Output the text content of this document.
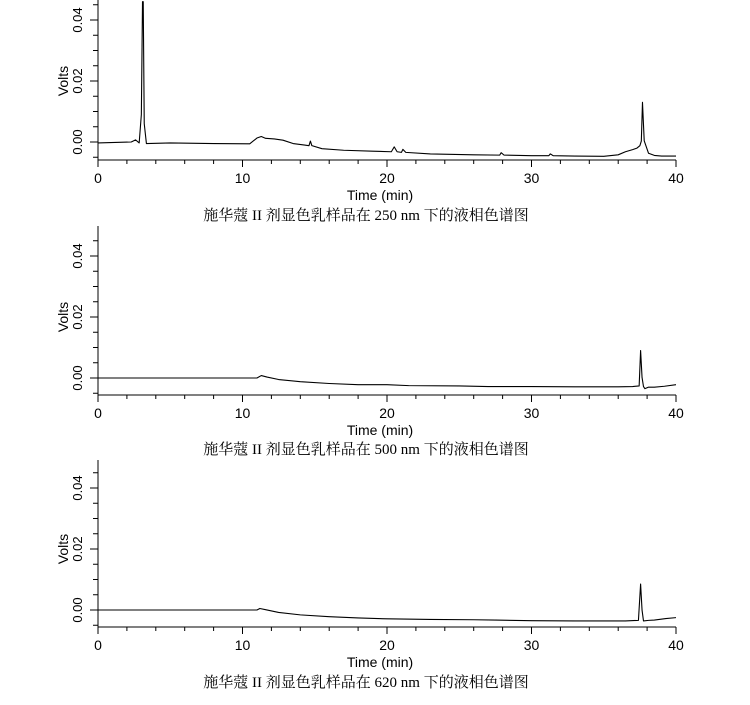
0.00
0.02
0.04
0	10	20	30	40
Time (min)
Volts
施华蔻 II 剂显色乳样品在 250 nm 下的液相色谱图
0.00
0.02
0.04
0	10	20	30	40
Time (min)
Volts
施华蔻 II 剂显色乳样品在 500 nm 下的液相色谱图
0.00
0.02
0.04
0	10	20	30	40
Time (min)
Volts
施华蔻 II 剂显色乳样品在 620 nm 下的液相色谱图
